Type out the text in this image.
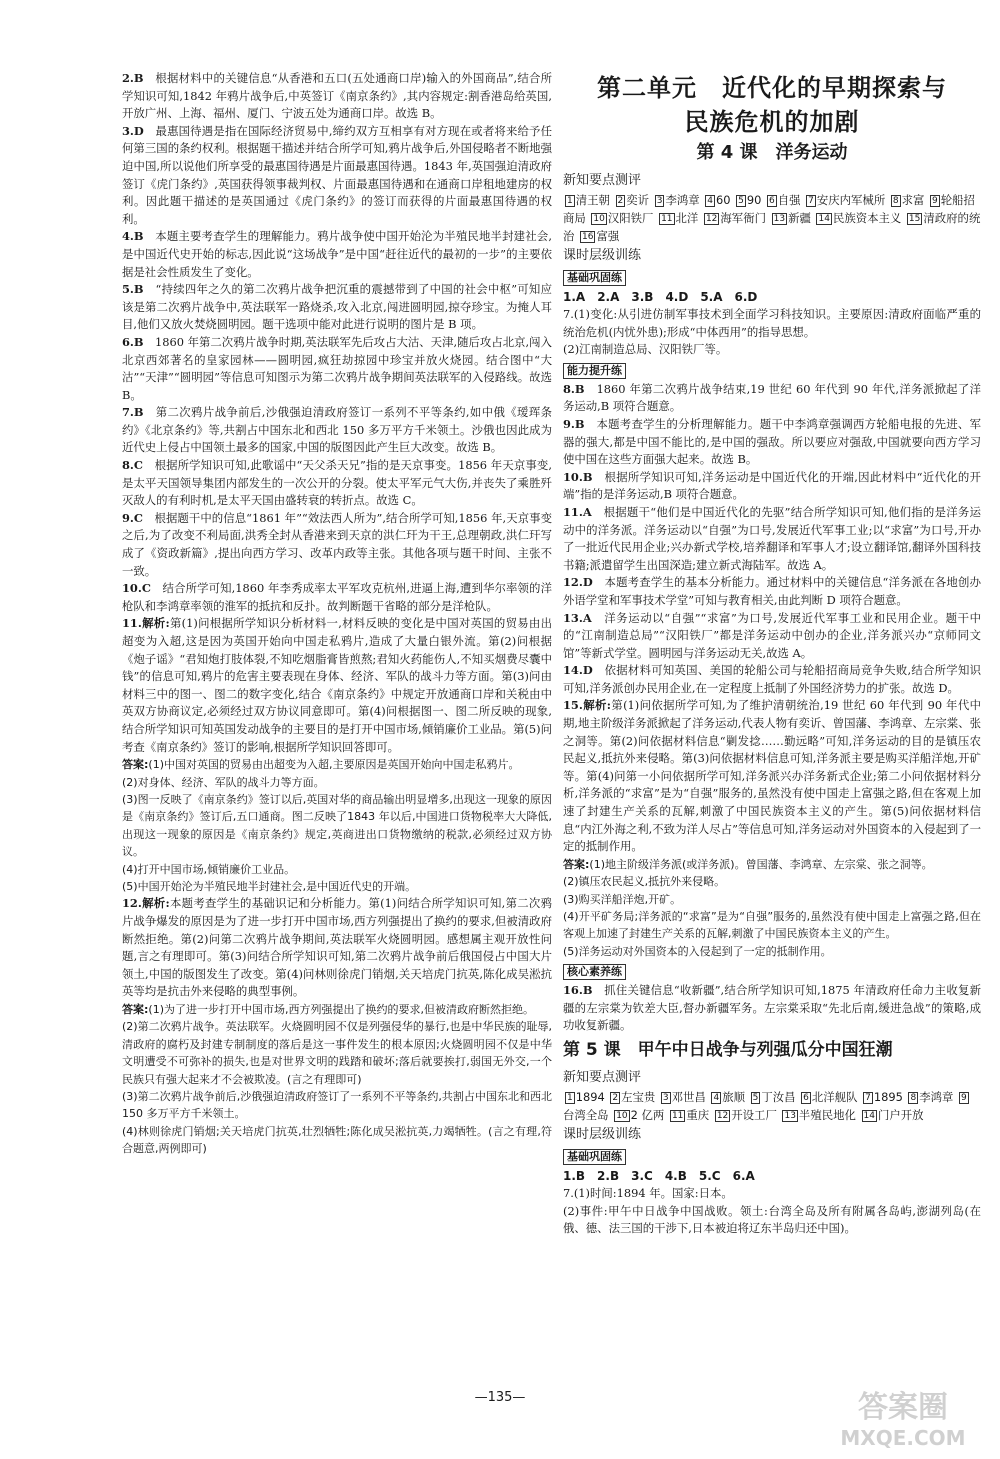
2.B　 根据材料中的关键信息“从香港和五口(五处通商口岸)输入的外国商品”,结合所学知识可知,1842 年鸦片战争后,中英签订《南京条约》,其内容规定:割香港岛给英国,开放广州、上海、福州、厦门、宁波五处为通商口岸。故选 B。

3.D　 最惠国待遇是指在国际经济贸易中,缔约双方互相享有对方现在或者将来给予任何第三国的条约权利。根据题干描述并结合所学可知,鸦片战争后,外国侵略者不断地强迫中国,所以说他们所享受的最惠国待遇是片面最惠国待遇。1843 年,英国强迫清政府签订《虎门条约》,英国获得领事裁判权、片面最惠国待遇和在通商口岸租地建房的权利。因此题干描述的是英国通过《虎门条约》的签订而获得的片面最惠国待遇的权利。

4.B　 本题主要考查学生的理解能力。鸦片战争使中国开始沦为半殖民地半封建社会,是中国近代史开始的标志,因此说“这场战争”是中国“赶往近代的最初的一步”的主要依据是社会性质发生了变化。

5.B　 “持续四年之久的第二次鸦片战争把沉重的震撼带到了中国的社会中枢”可知应该是第二次鸦片战争中,英法联军一路烧杀,攻入北京,闯进圆明园,掠夺珍宝。为掩人耳目,他们又放火焚烧圆明园。题干选项中能对此进行说明的图片是 B 项。

6.B　 1860 年第二次鸦片战争时期,英法联军先后攻占大沽、天津,随后攻占北京,闯入北京西郊著名的皇家园林——圆明园,疯狂劫掠园中珍宝并放火烧园。结合图中“大沽”“天津”“圆明园”等信息可知图示为第二次鸦片战争期间英法联军的入侵路线。故选 B。

7.B　 第二次鸦片战争前后,沙俄强迫清政府签订一系列不平等条约,如中俄《瑷珲条约》《北京条约》等,共割占中国东北和西北 150 多万平方千米领土。沙俄也因此成为近代史上侵占中国领土最多的国家,中国的版图因此产生巨大改变。故选 B。

8.C　 根据所学知识可知,此歌谣中“天父杀天兄”指的是天京事变。1856 年天京事变,是太平天国领导集团内部发生的一次公开的分裂。使太平军元气大伤,并丧失了乘胜歼灭敌人的有利时机,是太平天国由盛转衰的转折点。故选 C。

9.C　 根据题干中的信息“1861 年”“效法西人所为”,结合所学可知,1856 年,天京事变之后,为了改变不利局面,洪秀全封从香港来到天京的洪仁玕为干王,总理朝政,洪仁玕写成了《资政新篇》,提出向西方学习、改革内政等主张。其他各项与题干时间、主张不一致。

10.C　 结合所学可知,1860 年李秀成率太平军攻克杭州,进逼上海,遭到华尔率领的洋枪队和李鸿章率领的淮军的抵抗和反扑。故判断题干省略的部分是洋枪队。

11.解析:第(1)问根据所学知识分析材料一,材料反映的变化是中国对英国的贸易由出超变为入超,这是因为英国开始向中国走私鸦片,造成了大量白银外流。第(2)问根据《炮子谣》“君知炮打肢体裂,不知吃烟脂膏皆煎熬;君知火药能伤人,不知买烟费尽囊中钱”的信息可知,鸦片的危害主要表现在身体、经济、军队的战斗力等方面。第(3)问由材料三中的图一、图二的数字变化,结合《南京条约》中规定开放通商口岸和关税由中英双方协商议定,必须经过双方协议同意即可。第(4)问根据图一、图二所反映的现象,结合所学知识可知英国发动战争的主要目的是打开中国市场,倾销廉价工业品。第(5)问考查《南京条约》签订的影响,根据所学知识回答即可。

答案:(1)中国对英国的贸易由出超变为入超,主要原因是英国开始向中国走私鸦片。

(2)对身体、经济、军队的战斗力等方面。

(3)图一反映了《南京条约》签订以后,英国对华的商品输出明显增多,出现这一现象的原因是《南京条约》签订后,五口通商。图二反映了1843 年以后,中国进口货物税率大大降低,出现这一现象的原因是《南京条约》规定,英商进出口货物缴纳的税款,必须经过双方协议。

(4)打开中国市场,倾销廉价工业品。

(5)中国开始沦为半殖民地半封建社会,是中国近代史的开端。

12.解析:本题考查学生的基础识记和分析能力。第(1)问结合所学知识可知,第二次鸦片战争爆发的原因是为了进一步打开中国市场,西方列强提出了换约的要求,但被清政府断然拒绝。第(2)问第二次鸦片战争期间,英法联军火烧圆明园。感想属主观开放性问题,言之有理即可。第(3)问结合所学知识可知,第二次鸦片战争前后俄国侵占中国大片领土,中国的版图发生了改变。第(4)问林则徐虎门销烟,关天培虎门抗英,陈化成吴淞抗英等均是抗击外来侵略的典型事例。

答案:(1)为了进一步打开中国市场,西方列强提出了换约的要求,但被清政府断然拒绝。

(2)第二次鸦片战争。英法联军。火烧圆明园不仅是列强侵华的暴行,也是中华民族的耻辱,清政府的腐朽及封建专制制度的落后是这一事件发生的根本原因;火烧圆明园不仅是中华文明遭受不可弥补的损失,也是对世界文明的践踏和破坏;落后就要挨打,弱国无外交,一个民族只有强大起来才不会被欺凌。(言之有理即可)

(3)第二次鸦片战争前后,沙俄强迫清政府签订了一系列不平等条约,共割占中国东北和西北 150 多万平方千米领土。

(4)林则徐虎门销烟;关天培虎门抗英,壮烈牺牲;陈化成吴淞抗英,力竭牺牲。(言之有理,符合题意,两例即可)

第二单元　近代化的早期探索与
民族危机的加剧
第 4 课　洋务运动
新知要点测评

1 清王朝 2 奕䜣 3 李鸿章 4 60 5 90 6 自强 7 安庆内军械所 8 求富 9 轮船招商局 10 汉阳铁厂 11 北洋 12 海军衙门 13 新疆 14 民族资本主义 15 清政府的统治 16 富强

课时层级训练
基础巩固练

1.A　2.A　3.B　4.D　5.A　6.D

7.(1)变化:从引进仿制军事技术到全面学习科技知识。主要原因:清政府面临严重的统治危机(内忧外患);形成“中体西用”的指导思想。

(2)江南制造总局、汉阳铁厂等。

能力提升练

8.B　 1860 年第二次鸦片战争结束,19 世纪 60 年代到 90 年代,洋务派掀起了洋务运动,B 项符合题意。

9.B　 本题考查学生的分析理解能力。题干中李鸿章强调西方轮船电报的先进、军器的强大,都是中国不能比的,是中国的强敌。所以要应对强敌,中国就要向西方学习使中国在这些方面强大起来。故选 B。

10.B　 根据所学知识可知,洋务运动是中国近代化的开端,因此材料中“近代化的开端”指的是洋务运动,B 项符合题意。

11.A　 根据题干“他们是中国近代化的先驱”结合所学知识可知,他们指的是洋务运动中的洋务派。洋务运动以“自强”为口号,发展近代军事工业;以“求富”为口号,开办了一批近代民用企业;兴办新式学校,培养翻译和军事人才;设立翻译馆,翻译外国科技书籍;派遣留学生出国深造;建立新式海陆军。故选 A。

12.D　 本题考查学生的基本分析能力。通过材料中的关键信息“洋务派在各地创办外语学堂和军事技术学堂”可知与教育相关,由此判断 D 项符合题意。

13.A　 洋务运动以“自强”“求富”为口号,发展近代军事工业和民用企业。题干中的“江南制造总局”“汉阳铁厂”都是洋务运动中创办的企业,洋务派兴办“京师同文馆”等新式学堂。圆明园与洋务运动无关,故选 A。

14.D　 依据材料可知英国、美国的轮船公司与轮船招商局竞争失败,结合所学知识可知,洋务派创办民用企业,在一定程度上抵制了外国经济势力的扩张。故选 D。

15.解析:第(1)问依据所学可知,为了维护清朝统治,19 世纪 60 年代到 90 年代中期,地主阶级洋务派掀起了洋务运动,代表人物有奕䜣、曾国藩、李鸿章、左宗棠、张之洞等。第(2)问依据材料信息“剿发捻……勤远略”可知,洋务运动的目的是镇压农民起义,抵抗外来侵略。第(3)问依据材料信息可知,洋务派主要是购买洋船洋炮,开矿等。第(4)问第一小问依据所学可知,洋务派兴办洋务新式企业;第二小问依据材料分析,洋务派的“求富”是为“自强”服务的,虽然没有使中国走上富强之路,但在客观上加速了封建生产关系的瓦解,刺激了中国民族资本主义的产生。第(5)问依据材料信息“内江外海之利,不致为洋人尽占”等信息可知,洋务运动对外国资本的入侵起到了一定的抵制作用。

答案:(1)地主阶级洋务派(或洋务派)。曾国藩、李鸿章、左宗棠、张之洞等。

(2)镇压农民起义,抵抗外来侵略。

(3)购买洋船洋炮,开矿。

(4)开平矿务局;洋务派的“求富”是为“自强”服务的,虽然没有使中国走上富强之路,但在客观上加速了封建生产关系的瓦解,刺激了中国民族资本主义的产生。

(5)洋务运动对外国资本的入侵起到了一定的抵制作用。

核心素养练

16.B　 抓住关键信息“收新疆”,结合所学知识可知,1875 年清政府任命力主收复新疆的左宗棠为钦差大臣,督办新疆军务。左宗棠采取“先北后南,缓进急战”的策略,成功收复新疆。

第 5 课　甲午中日战争与列强瓜分中国狂潮
新知要点测评

1 1894 2 左宝贵 3 邓世昌 4 旅顺 5 丁汝昌 6 北洋舰队 7 1895 8 李鸿章 9台湾全岛 10 2 亿两 11 重庆 12 开设工厂 13 半殖民地化 14 门户开放

课时层级训练
基础巩固练

1.B　2.B　3.C　4.B　5.C　6.A

7.(1)时间:1894 年。国家:日本。

(2)事件:甲午中日战争中国战败。领土:台湾全岛及所有附属各岛屿,澎湖列岛(在俄、德、法三国的干涉下,日本被迫将辽东半岛归还中国)。

—135—	答案圈
MXQE.COM
